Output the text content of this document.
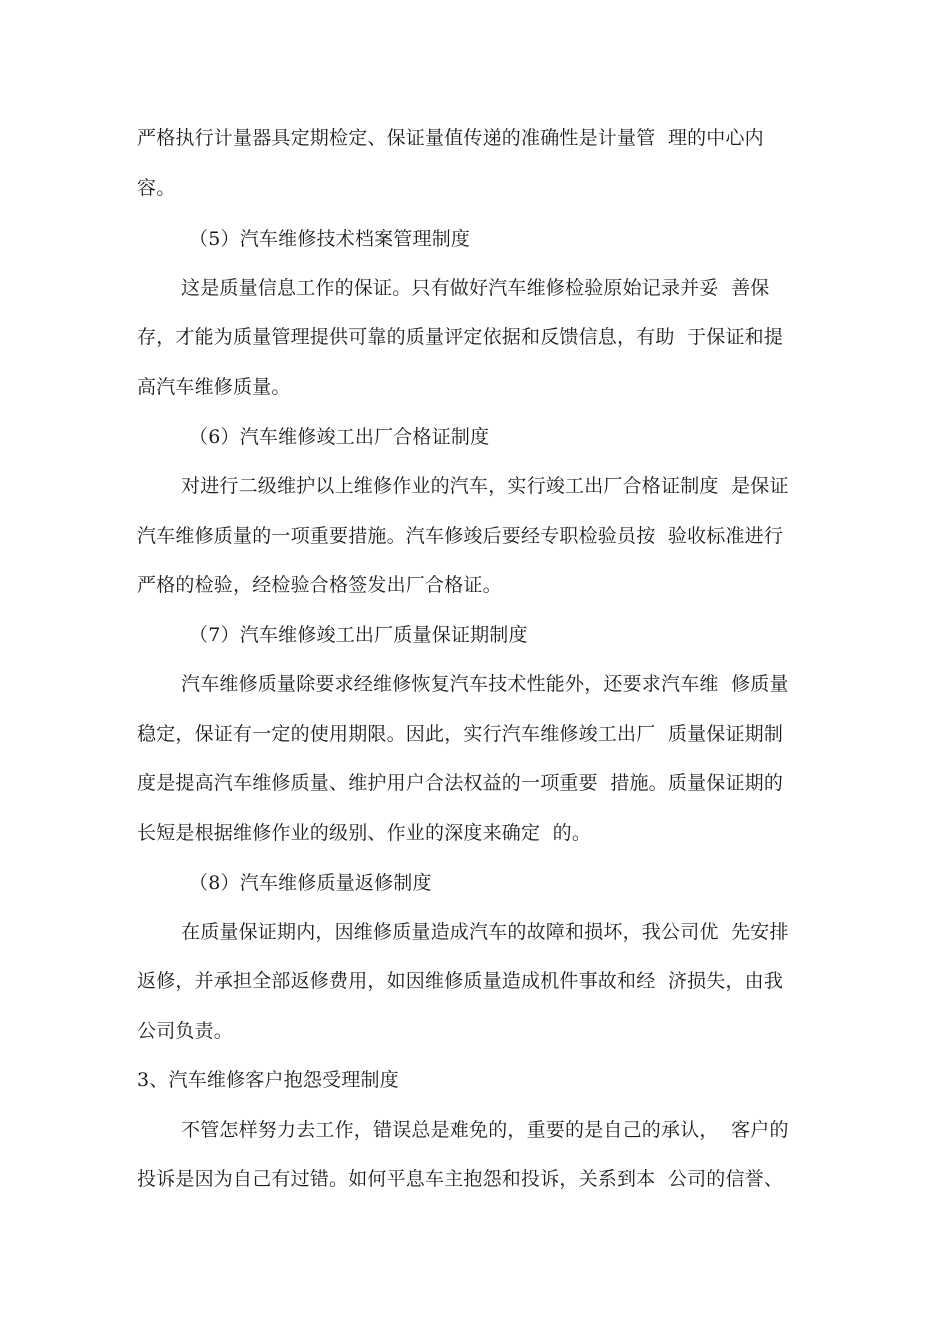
严格执行计量器具定期检定、保证量值传递的准确性是计量管  理的中心内
容。
（5）汽车维修技术档案管理制度
这是质量信息工作的保证。只有做好汽车维修检验原始记录并妥  善保
存，才能为质量管理提供可靠的质量评定依据和反馈信息，有助  于保证和提
高汽车维修质量。
（6）汽车维修竣工出厂合格证制度
对进行二级维护以上维修作业的汽车，实行竣工出厂合格证制度  是保证
汽车维修质量的一项重要措施。汽车修竣后要经专职检验员按  验收标准进行
严格的检验，经检验合格签发出厂合格证。
（7）汽车维修竣工出厂质量保证期制度
汽车维修质量除要求经维修恢复汽车技术性能外，还要求汽车维  修质量
稳定，保证有一定的使用期限。因此，实行汽车维修竣工出厂  质量保证期制
度是提高汽车维修质量、维护用户合法权益的一项重要  措施。质量保证期的
长短是根据维修作业的级别、作业的深度来确定  的。
（8）汽车维修质量返修制度
在质量保证期内，因维修质量造成汽车的故障和损坏，我公司优  先安排
返修，并承担全部返修费用，如因维修质量造成机件事故和经  济损失，由我
公司负责。
3、汽车维修客户抱怨受理制度
不管怎样努力去工作，错误总是难免的，重要的是自己的承认，  客户的
投诉是因为自己有过错。如何平息车主抱怨和投诉，关系到本  公司的信誉、
